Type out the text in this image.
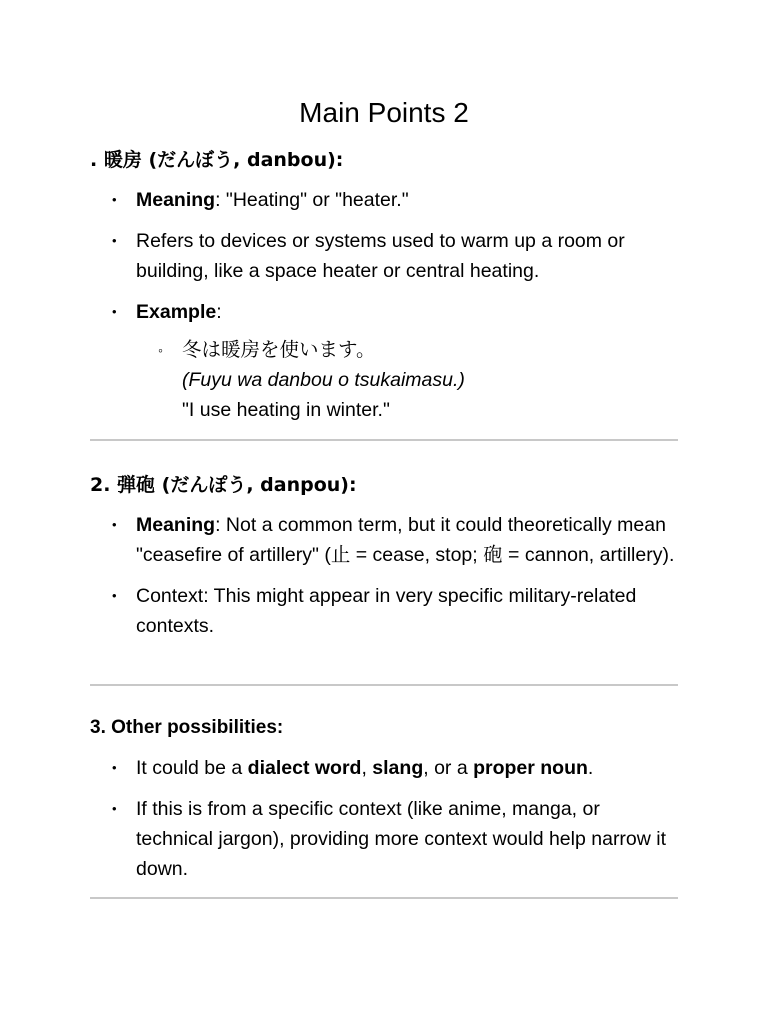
Main Points 2
. 暖房 (だんぼう, danbou):
• Meaning: "Heating" or "heater."
• Refers to devices or systems used to warm up a room or building, like a space heater or central heating.
• Example:
◦ 冬は暖房を使います。
(Fuyu wa danbou o tsukaimasu.)
"I use heating in winter."
2. 弾砲 (だんぽう, danpou):
• Meaning: Not a common term, but it could theoretically mean "ceasefire of artillery" (止 = cease, stop; 砲 = cannon, artillery).
• Context: This might appear in very specific military-related contexts.
3. Other possibilities:
• It could be a dialect word, slang, or a proper noun.
• If this is from a specific context (like anime, manga, or technical jargon), providing more context would help narrow it down.
